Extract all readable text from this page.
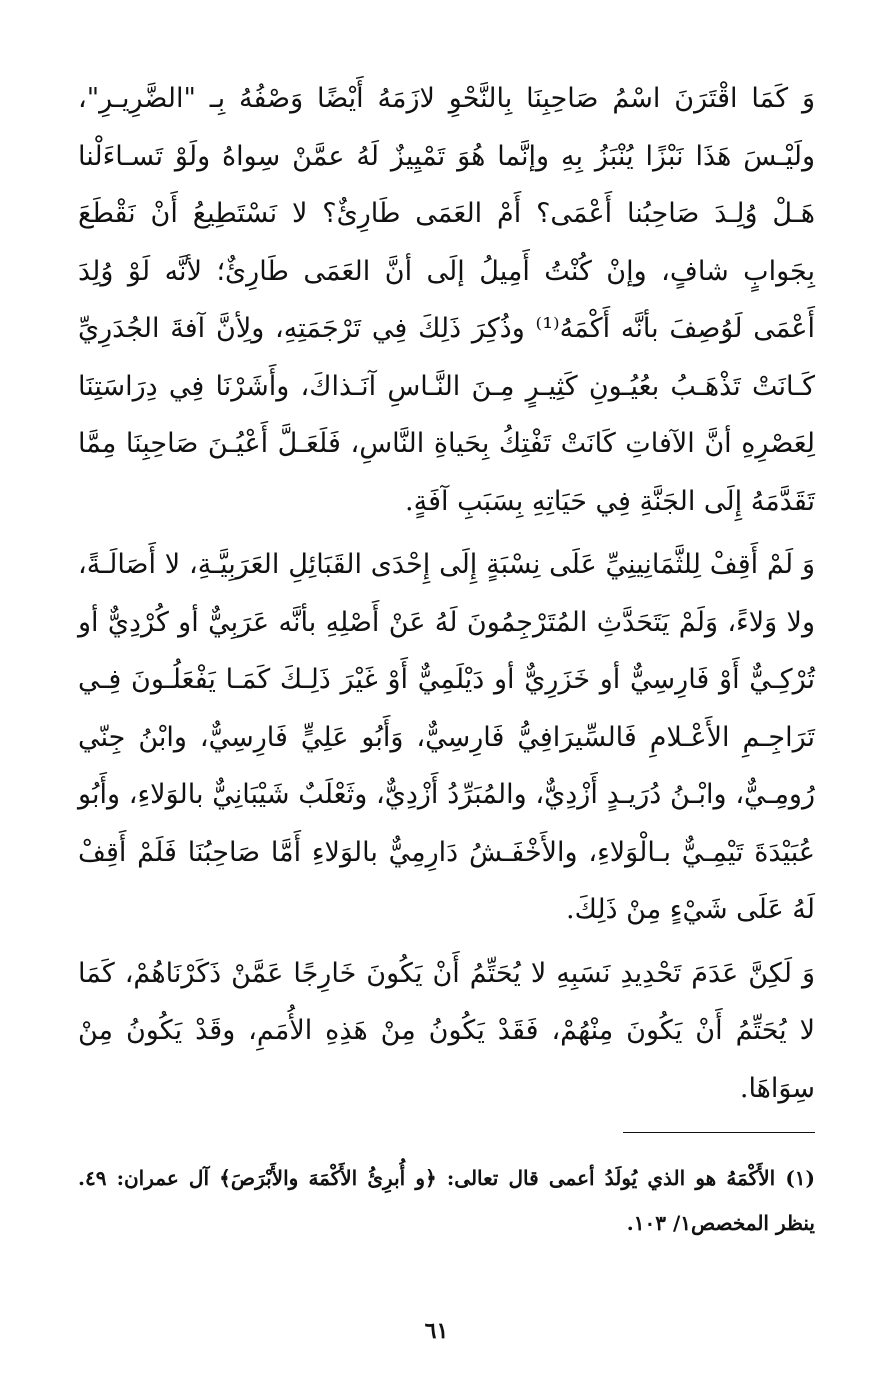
وَ كَمَا اقْتَرَنَ اسْمُ صَاحِبِنَا بِالنَّحْوِ لازَمَهُ أَيْضًا وَصْفُهُ بِـ "الضَّرِيـرِ"، ولَيْـسَ هَذَا نَبْزًا يُنْبَزُ بِهِ وإنَّما هُوَ تَمْيِيزٌ لَهُ عمَّنْ سِواهُ ولَوْ تَسـاءَلْنا هَـلْ وُلِـدَ صَاحِبُنا أَعْمَى؟ أَمْ العَمَى طَارِئٌ؟ لا نَسْتَطِيعُ أَنْ نَقْطَعَ بِجَوابٍ شافٍ، وإنْ كُنْتُ أَمِيلُ إلَى أنَّ العَمَى طَارِئٌ؛ لأنَّه لَوْ وُلِدَ أَعْمَى لَوُصِفَ بأنَّه أَكْمَهُ⁽¹⁾ وذُكِرَ ذَلِكَ فِي تَرْجَمَتِهِ، ولِأنَّ آفةَ الجُدَرِيِّ كَـانَتْ تَذْهَـبُ بعُيُـونِ كَثِيـرٍ مِـنَ النَّـاسِ آنَـذاكَ، وأَشَرْنَا فِي دِرَاسَتِنَا لِعَصْرِهِ أنَّ الآفاتِ كَانَتْ تَفْتِكُ بِحَياةِ النَّاسِ، فَلَعَـلَّ أَعْيُـنَ صَاحِبِنَا مِمَّا تَقَدَّمَهُ إِلَى الجَنَّةِ فِي حَيَاتِهِ بِسَبَبِ آفَةٍ.

وَ لَمْ أَقِفْ لِلثَّمَانِينِيِّ عَلَى نِسْبَةٍ إِلَى إِحْدَى القَبَائِلِ العَرَبِيَّـةِ، لا أَصَالَـةً، ولا وَلاءً، وَلَمْ يَتَحَدَّثِ المُتَرْجِمُونَ لَهُ عَنْ أَصْلِهِ بأنَّه عَرَبِيٌّ أو كُرْدِيٌّ أو تُرْكِـيٌّ أَوْ فَارِسِيٌّ أو خَزَرِيٌّ أو دَيْلَمِيٌّ أَوْ غَيْرَ ذَلِـكَ كَمَـا يَفْعَلُـونَ فِـي تَرَاجِـمِ الأَعْـلامِ فَالسِّيرَافِيُّ فَارِسِيٌّ، وَأَبُو عَلِيٍّ فَارِسِيٌّ، وابْنُ جِنّي رُومِـيٌّ، وابْـنُ دُرَيـدٍ أَزْدِيٌّ، والمُبَرِّدُ أَزْدِيٌّ، وثَعْلَبٌ شَيْبَانِيٌّ بالوَلاءِ، وأَبُو عُبَيْدَةَ تَيْمِـيٌّ بـالْوَلاءِ، والأَخْفَـشُ دَارِمِيٌّ بالوَلاءِ أَمَّا صَاحِبُنَا فَلَمْ أَقِفْ لَهُ عَلَى شَيْءٍ مِنْ ذَلِكَ.

وَ لَكِنَّ عَدَمَ تَحْدِيدِ نَسَبِهِ لا يُحَتِّمُ أَنْ يَكُونَ خَارِجًا عَمَّنْ ذَكَرْنَاهُمْ، كَمَا لا يُحَتِّمُ أَنْ يَكُونَ مِنْهُمْ، فَقَدْ يَكُونُ مِنْ هَذِهِ الأُمَمِ، وقَدْ يَكُونُ مِنْ سِوَاهَا.

(١) الأَكْمَهُ هو الذي يُولَدُ أعمى قال تعالى: ﴿و أُبرِئُ الأَكْمَهَ والأَبْرَصَ﴾ آل عمران: ٤٩. ينظر المخصص١/ ١٠٣.

٦١
